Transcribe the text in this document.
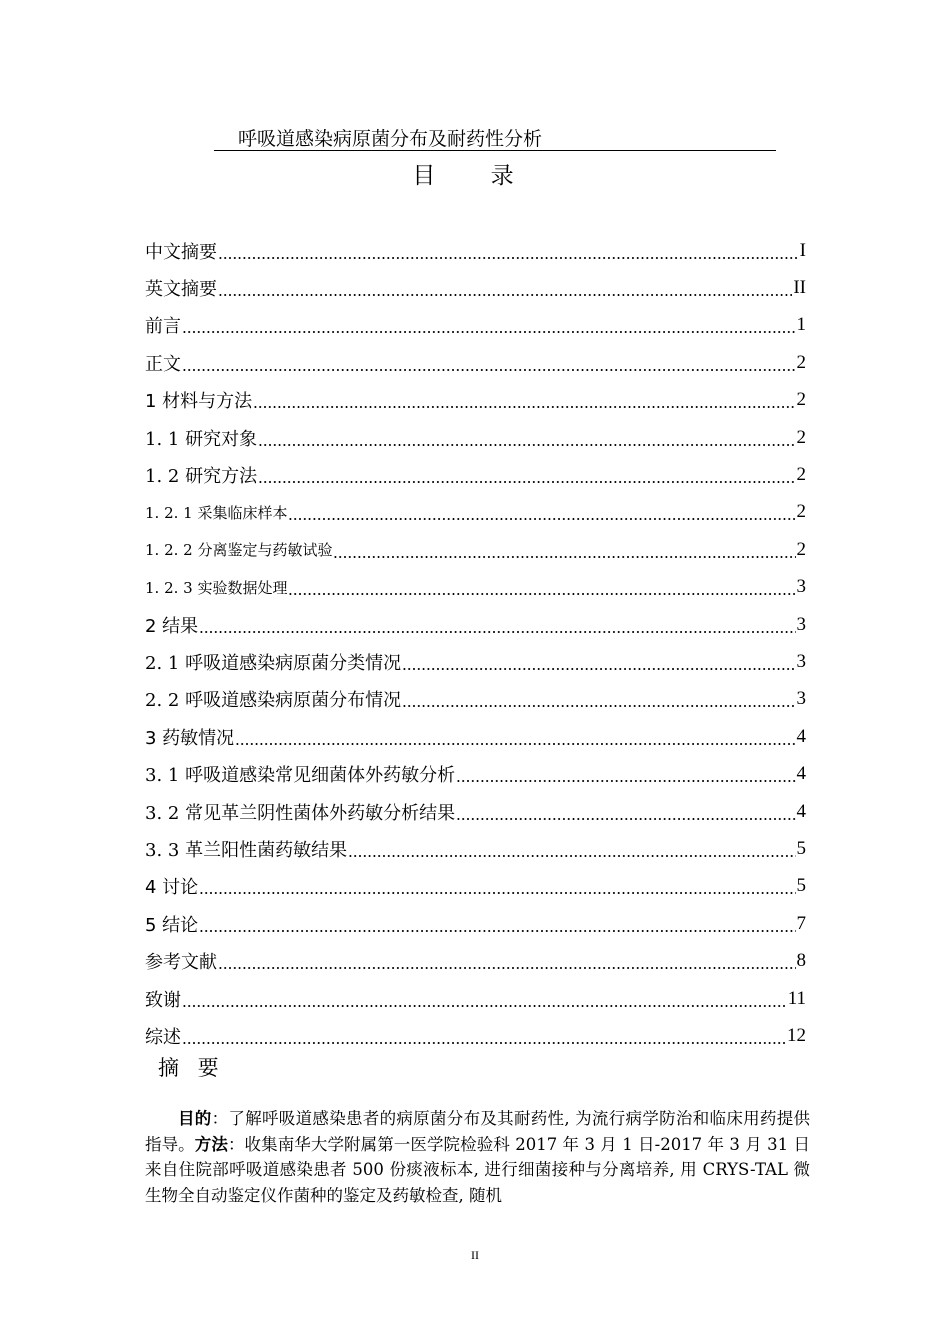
呼吸道感染病原菌分布及耐药性分析
目 录
中文摘要	I
英文摘要	II
前言	1
正文	2
1 材料与方法	2
1. 1 研究对象	2
1. 2 研究方法	2
1. 2. 1 采集临床样本	2
1. 2. 2 分离鉴定与药敏试验	2
1. 2. 3 实验数据处理	3
2 结果	3
2. 1 呼吸道感染病原菌分类情况	3
2. 2 呼吸道感染病原菌分布情况	3
3 药敏情况	4
3. 1 呼吸道感染常见细菌体外药敏分析	4
3. 2 常见革兰阴性菌体外药敏分析结果	4
3. 3 革兰阳性菌药敏结果	5
4 讨论	5
5 结论	7
参考文献	8
致谢	11
综述	12
摘 要
目的：了解呼吸道感染患者的病原菌分布及其耐药性, 为流行病学防治和临床用药提供指导。方法：收集南华大学附属第一医学院检验科 2017 年 3 月 1 日-2017 年 3 月 31 日来自住院部呼吸道感染患者 500 份痰液标本, 进行细菌接种与分离培养, 用 CRYS-TAL 微生物全自动鉴定仪作菌种的鉴定及药敏检查, 随机
II
